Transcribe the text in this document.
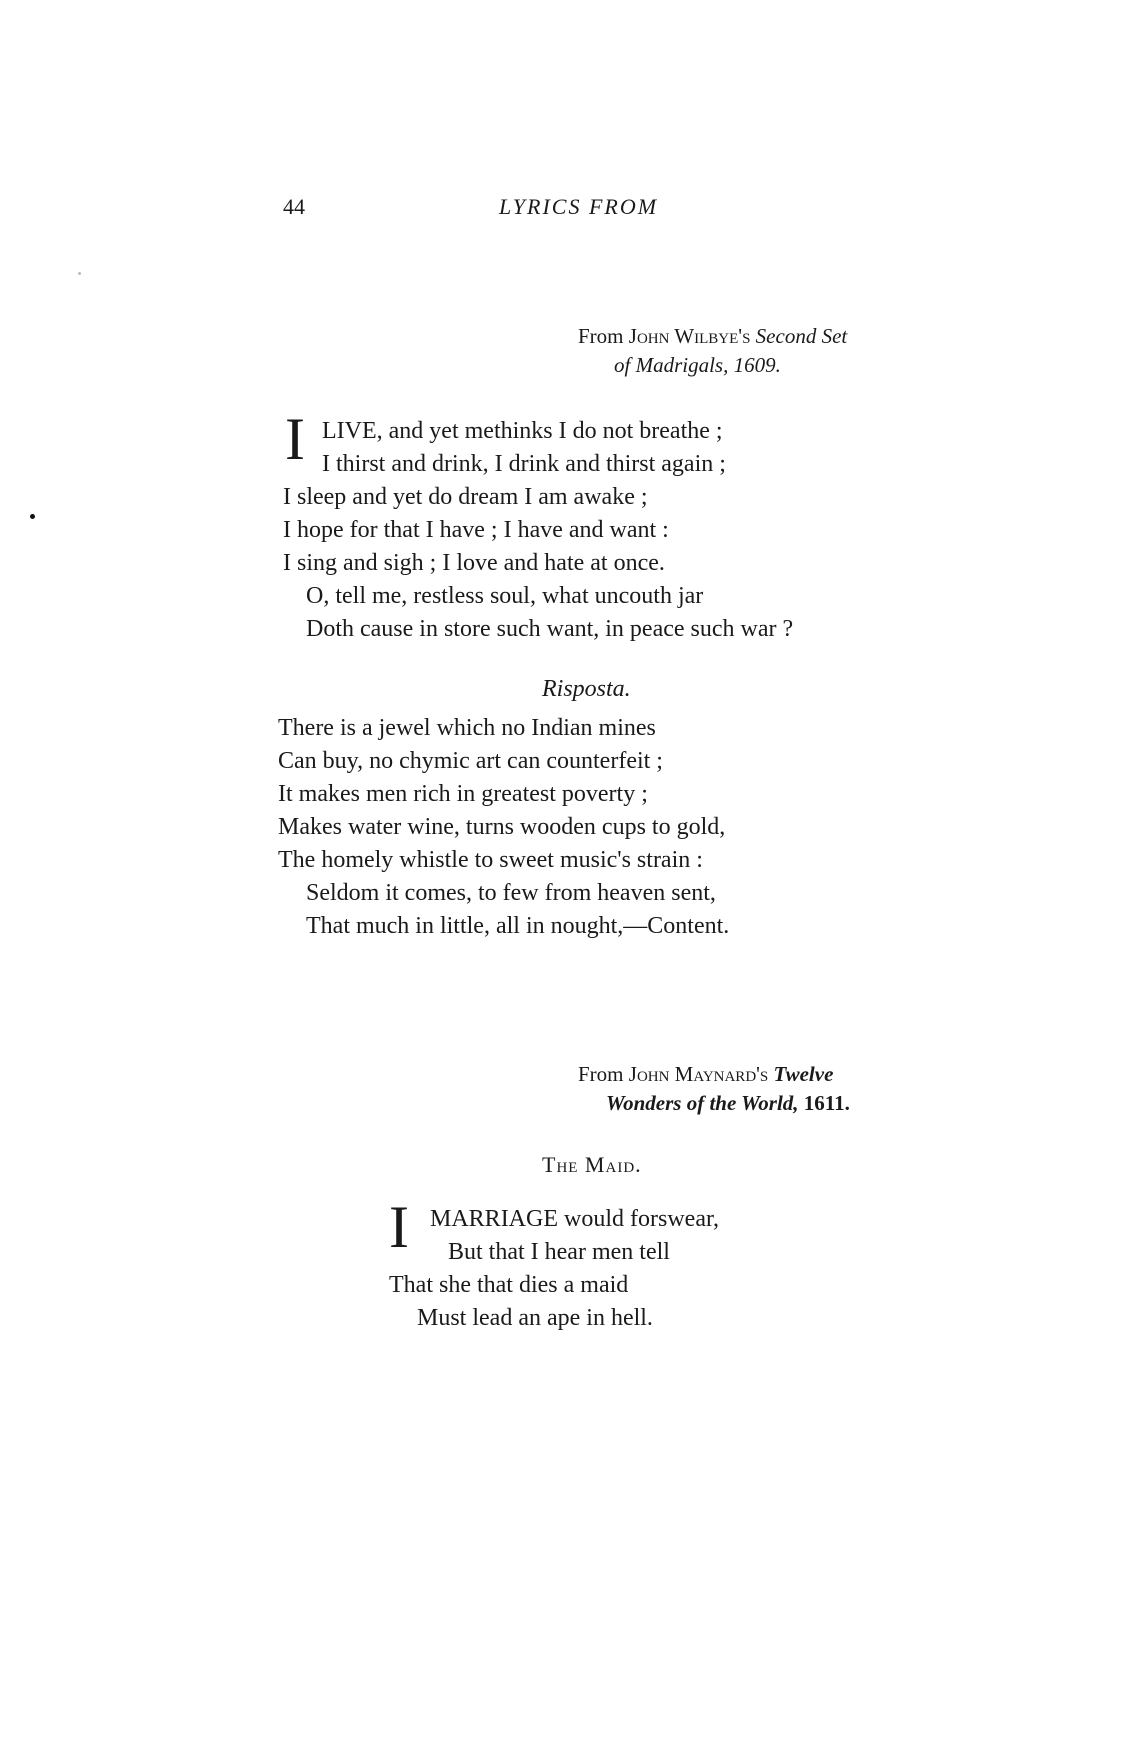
44	LYRICS FROM
From John Wilbye's Second Set
of Madrigals, 1609.
I LIVE, and yet methinks I do not breathe ;
I thirst and drink, I drink and thirst again ;
I sleep and yet do dream I am awake ;
I hope for that I have ; I have and want :
I sing and sigh ; I love and hate at once.
O, tell me, restless soul, what uncouth jar
Doth cause in store such want, in peace such war ?
Risposta.
There is a jewel which no Indian mines
Can buy, no chymic art can counterfeit ;
It makes men rich in greatest poverty ;
Makes water wine, turns wooden cups to gold,
The homely whistle to sweet music's strain :
Seldom it comes, to few from heaven sent,
That much in little, all in nought,—Content.
From John Maynard's Twelve
Wonders of the World, 1611.
The Maid.
I MARRIAGE would forswear,
But that I hear men tell
That she that dies a maid
Must lead an ape in hell.
